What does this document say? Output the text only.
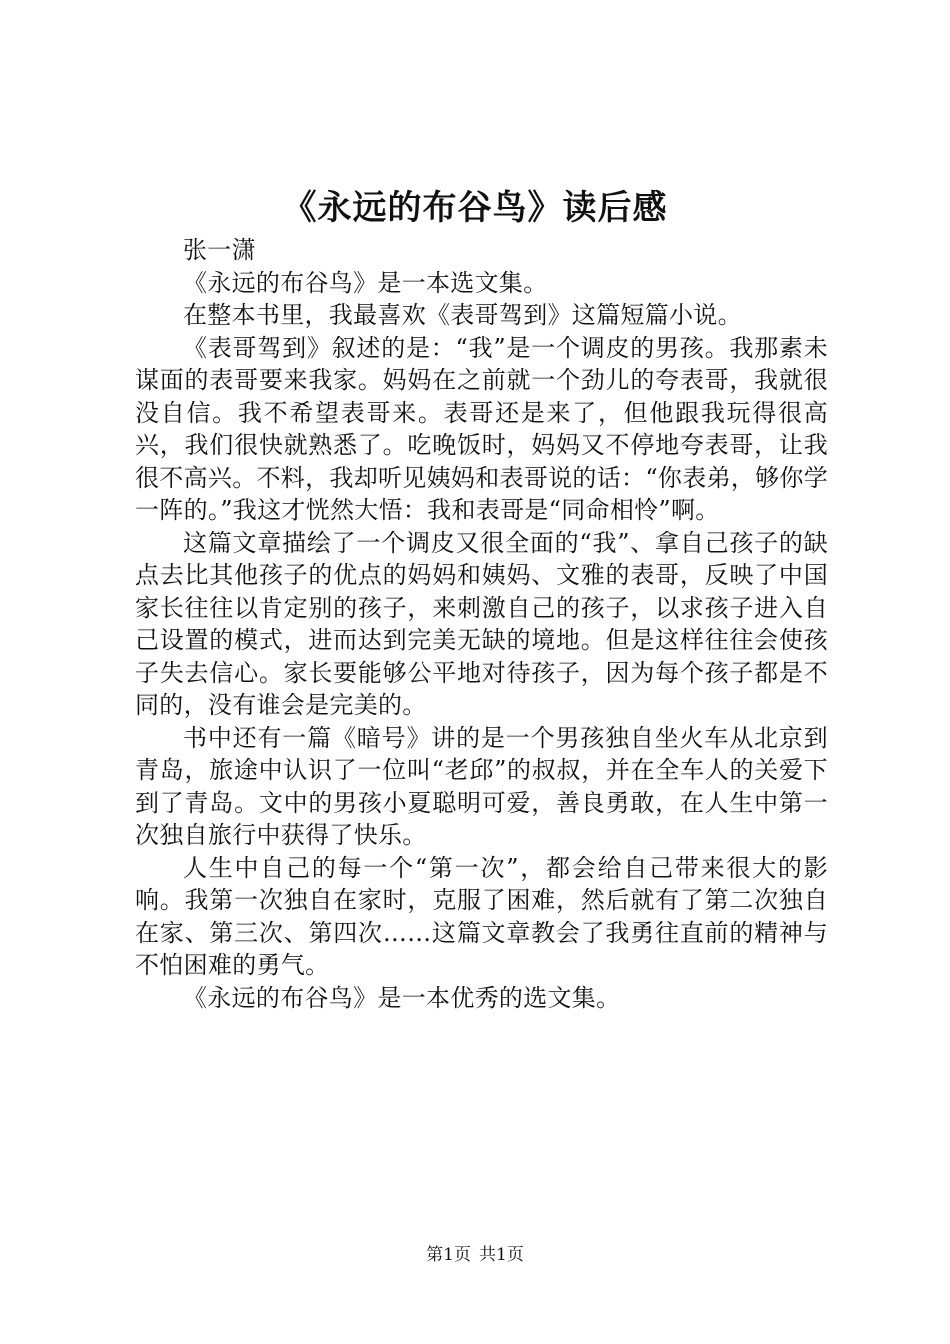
《永远的布谷鸟》读后感

张一潇

《永远的布谷鸟》是一本选文集。

在整本书里，我最喜欢《表哥驾到》这篇短篇小说。

《表哥驾到》叙述的是：“我”是一个调皮的男孩。我那素未谋面的表哥要来我家。妈妈在之前就一个劲儿的夸表哥，我就很没自信。我不希望表哥来。表哥还是来了，但他跟我玩得很高兴，我们很快就熟悉了。吃晚饭时，妈妈又不停地夸表哥，让我很不高兴。不料，我却听见姨妈和表哥说的话：“你表弟，够你学一阵的。”我这才恍然大悟：我和表哥是“同命相怜”啊。

这篇文章描绘了一个调皮又很全面的“我”、拿自己孩子的缺点去比其他孩子的优点的妈妈和姨妈、文雅的表哥，反映了中国家长往往以肯定别的孩子，来刺激自己的孩子，以求孩子进入自己设置的模式，进而达到完美无缺的境地。但是这样往往会使孩子失去信心。家长要能够公平地对待孩子，因为每个孩子都是不同的，没有谁会是完美的。

书中还有一篇《暗号》讲的是一个男孩独自坐火车从北京到青岛，旅途中认识了一位叫“老邱”的叔叔，并在全车人的关爱下到了青岛。文中的男孩小夏聪明可爱，善良勇敢，在人生中第一次独自旅行中获得了快乐。

人生中自己的每一个“第一次”，都会给自己带来很大的影响。我第一次独自在家时，克服了困难，然后就有了第二次独自在家、第三次、第四次……这篇文章教会了我勇往直前的精神与不怕困难的勇气。

《永远的布谷鸟》是一本优秀的选文集。

第1页 共1页
